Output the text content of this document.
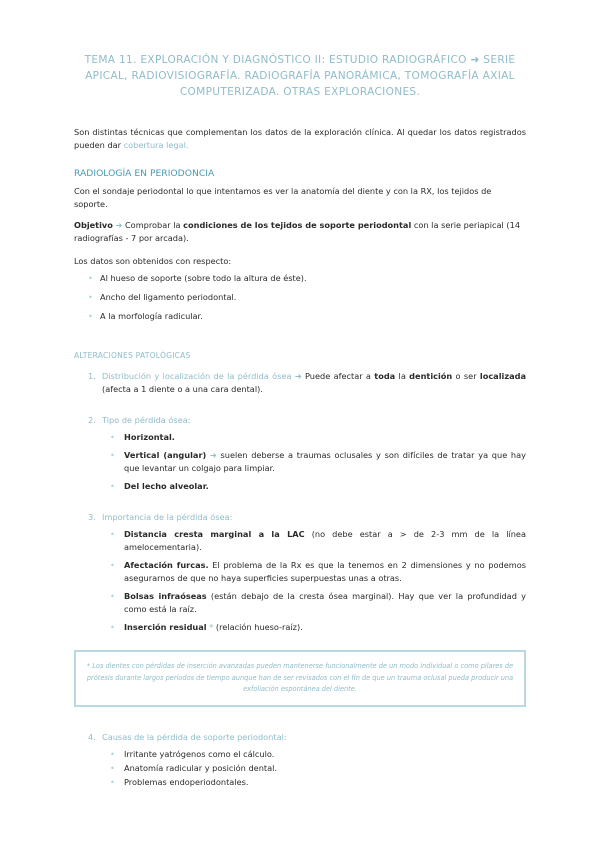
TEMA 11. EXPLORACIÓN Y DIAGNÓSTICO II: ESTUDIO RADIOGRÁFICO ➜ SERIE APICAL, RADIOVISIOGRAFÍA. RADIOGRAFÍA PANORÁMICA, TOMOGRAFÍA AXIAL COMPUTERIZADA. OTRAS EXPLORACIONES.

Son distintas técnicas que complementan los datos de la exploración clínica. Al quedar los datos registrados pueden dar cobertura legal.

RADIOLOGÍA EN PERIODONCIA

Con el sondaje periodontal lo que intentamos es ver la anatomía del diente y con la RX, los tejidos de soporte.

Objetivo ➜ Comprobar la condiciones de los tejidos de soporte periodontal con la serie periapical (14 radiografías - 7 por arcada).

Los datos son obtenidos con respecto:

• Al hueso de soporte (sobre todo la altura de éste).
• Ancho del ligamento periodontal.
• A la morfología radicular.
ALTERACIONES PATOLÓGICAS
1. Distribución y localización de la pérdida ósea ➜ Puede afectar a toda la dentición o ser localizada (afecta a 1 diente o a una cara dental).
2. Tipo de pérdida ósea:
• Horizontal.
• Vertical (angular) ➜ suelen deberse a traumas oclusales y son difíciles de tratar ya que hay que levantar un colgajo para limpiar.
• Del lecho alveolar.
3. Importancia de la pérdida ósea:
• Distancia cresta marginal a la LAC (no debe estar a > de 2-3 mm de la línea amelocementaria).
• Afectación furcas. El problema de la Rx es que la tenemos en 2 dimensiones y no podemos asegurarnos de que no haya superficies superpuestas unas a otras.
• Bolsas infraóseas (están debajo de la cresta ósea marginal). Hay que ver la profundidad y como está la raíz.
• Inserción residual * (relación hueso-raíz).
* Los dientes con pérdidas de inserción avanzadas pueden mantenerse funcionalmente de un modo individual o como pilares de prótesis durante largos periodos de tiempo aunque han de ser revisados con el fin de que un trauma oclusal pueda producir una exfoliación espontánea del diente.
4. Causas de la pérdida de soporte periodontal:
• Irritante yatrógenos como el cálculo.
• Anatomía radicular y posición dental.
• Problemas endoperiodontales.
